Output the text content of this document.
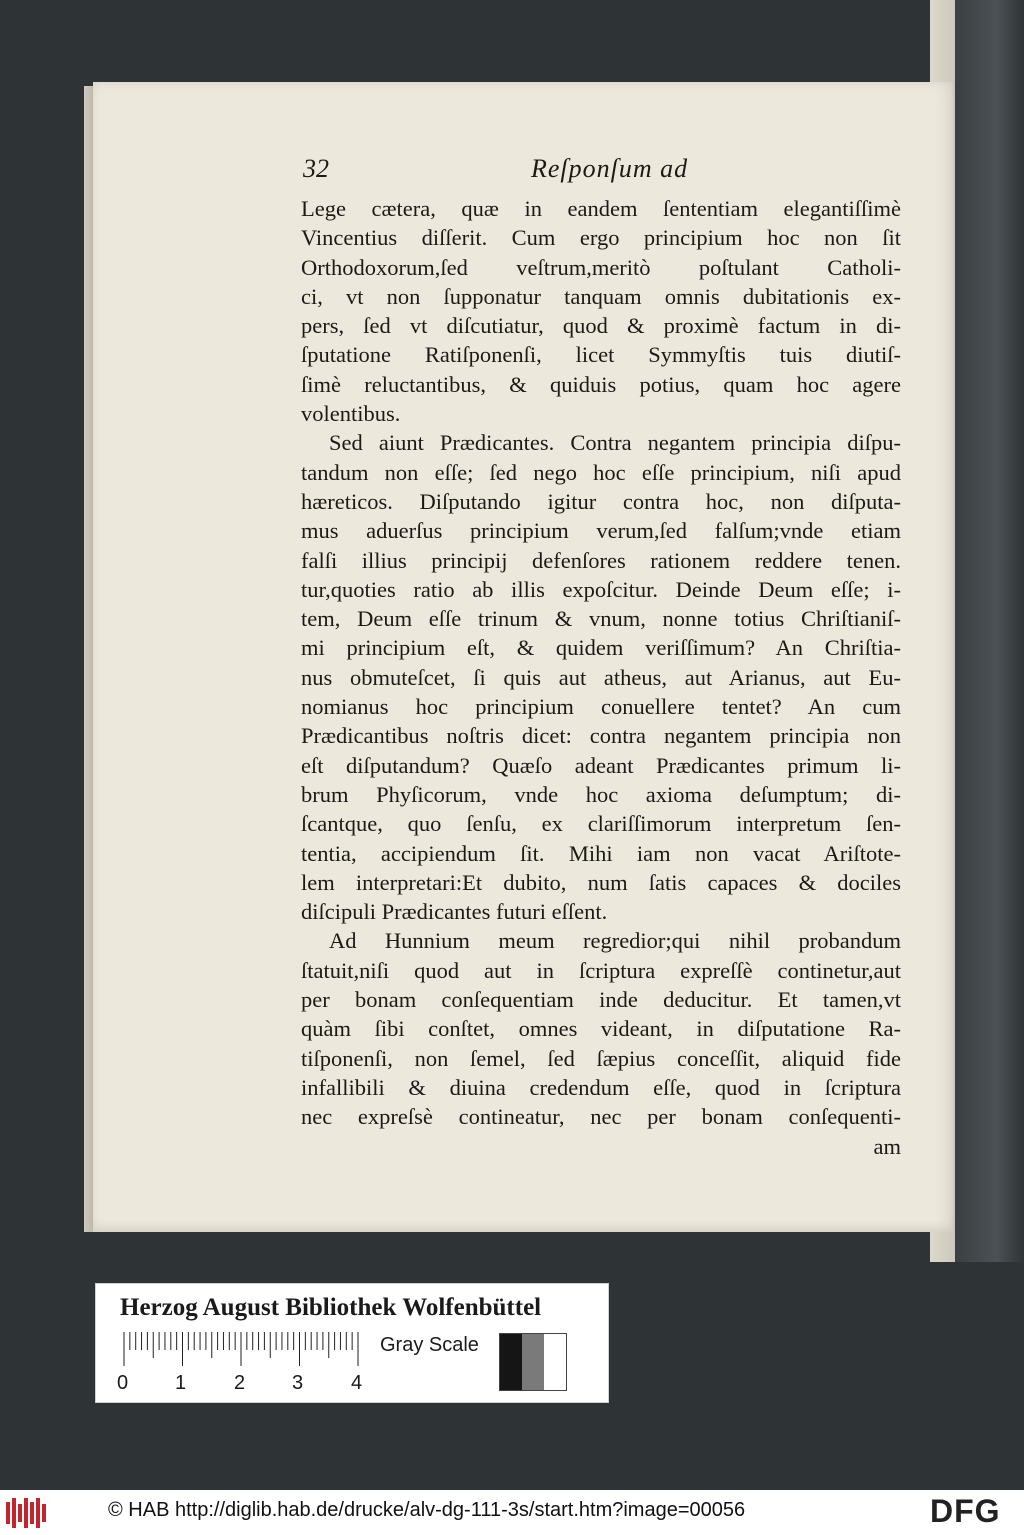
32	Reſponſum ad
Lege cætera, quæ in eandem ſententiam elegantiſſimè
Vincentius diſſerit. Cum ergo principium hoc non ſit
Orthodoxorum,ſed veſtrum,meritò poſtulant Catholi-
ci, vt non ſupponatur tanquam omnis dubitationis ex-
pers, ſed vt diſcutiatur, quod & proximè factum in di-
ſputatione Ratiſponenſi, licet Symmyſtis tuis diutiſ-
ſimè reluctantibus, & quiduis potius, quam hoc agere
volentibus.
Sed aiunt Prædicantes. Contra negantem principia diſpu-
tandum non eſſe; ſed nego hoc eſſe principium, niſi apud
hæreticos. Diſputando igitur contra hoc, non diſputa-
mus aduerſus principium verum,ſed falſum;vnde etiam
falſi illius principij defenſores rationem reddere tenen.
tur,quoties ratio ab illis expoſcitur. Deinde Deum eſſe; i-
tem, Deum eſſe trinum & vnum, nonne totius Chriſtianiſ-
mi principium eſt, & quidem veriſſimum? An Chriſtia-
nus obmuteſcet, ſi quis aut atheus, aut Arianus, aut Eu-
nomianus hoc principium conuellere tentet? An cum
Prædicantibus noſtris dicet: contra negantem principia non
eſt diſputandum? Quæſo adeant Prædicantes primum li-
brum Phyſicorum, vnde hoc axioma deſumptum; di-
ſcantque, quo ſenſu, ex clariſſimorum interpretum ſen-
tentia, accipiendum ſit. Mihi iam non vacat Ariſtote-
lem interpretari:Et dubito, num ſatis capaces & dociles
diſcipuli Prædicantes futuri eſſent.
Ad Hunnium meum regredior;qui nihil probandum
ſtatuit,niſi quod aut in ſcriptura expreſſè continetur,aut
per bonam conſequentiam inde deducitur. Et tamen,vt
quàm ſibi conſtet, omnes videant, in diſputatione Ra-
tiſponenſi, non ſemel, ſed ſæpius conceſſit, aliquid fide
infallibili & diuina credendum eſſe, quod in ſcriptura
nec expreſsè contineatur, nec per bonam conſequenti-
am
Herzog August Bibliothek Wolfenbüttel
Gray Scale
0 1 2 3 4
© HAB http://diglib.hab.de/drucke/alv-dg-111-3s/start.htm?image=00056	DFG
